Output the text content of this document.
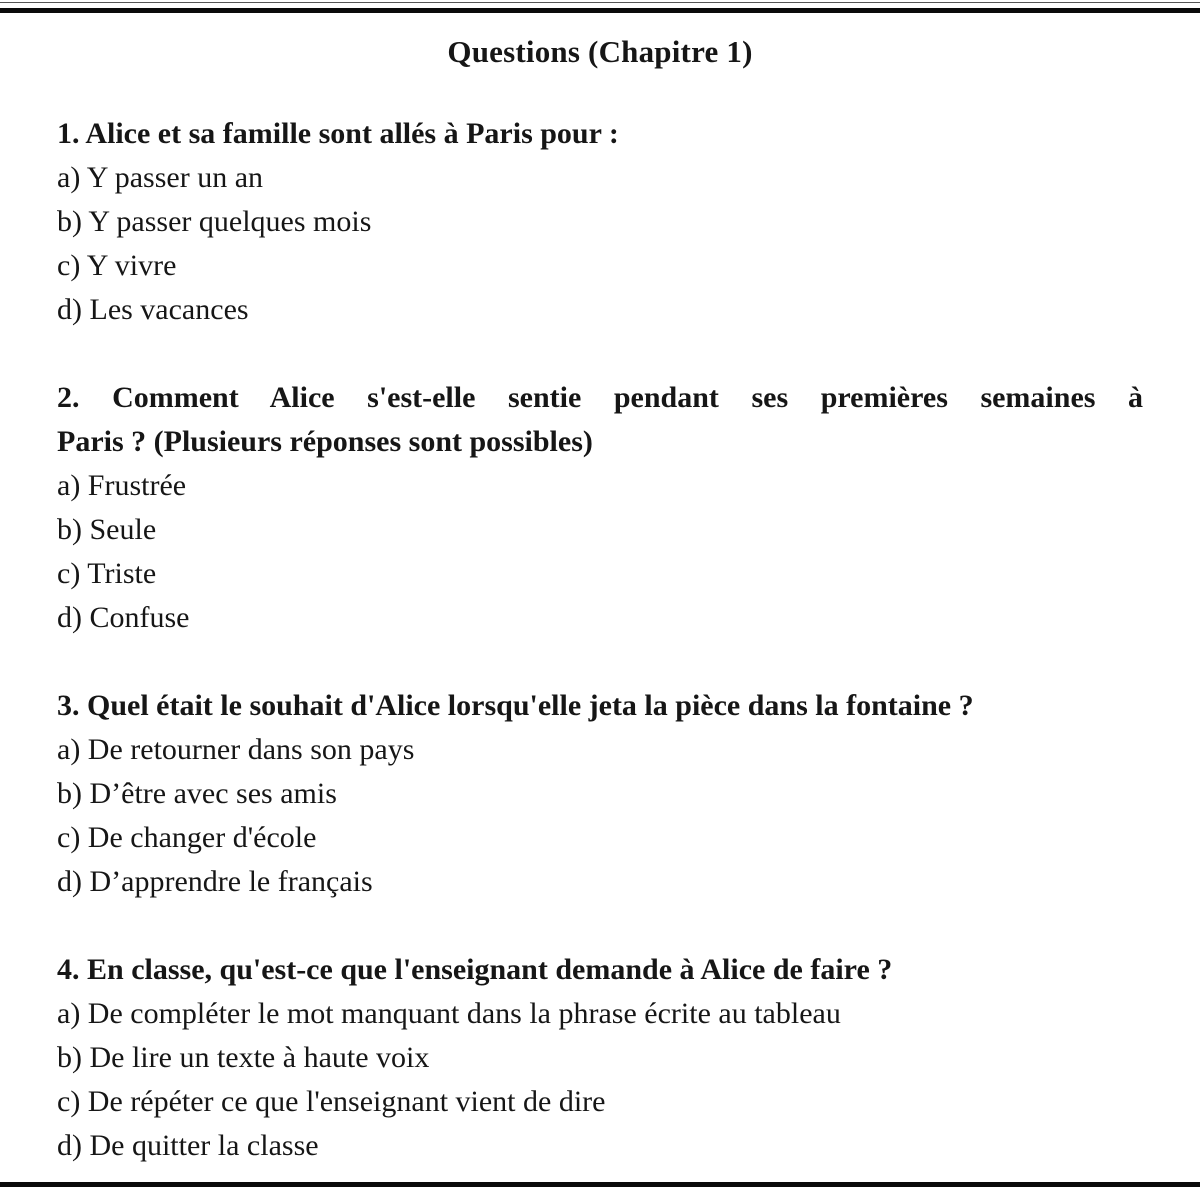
Questions (Chapitre 1)
1. Alice et sa famille sont allés à Paris pour :
a) Y passer un an
b) Y passer quelques mois
c) Y vivre
d) Les vacances
2. Comment Alice s'est-elle sentie pendant ses premières semaines à
Paris ? (Plusieurs réponses sont possibles)
a) Frustrée
b) Seule
c) Triste
d) Confuse
3. Quel était le souhait d'Alice lorsqu'elle jeta la pièce dans la fontaine ?
a) De retourner dans son pays
b) D’être avec ses amis
c) De changer d'école
d) D’apprendre le français
4. En classe, qu'est-ce que l'enseignant demande à Alice de faire ?
a) De compléter le mot manquant dans la phrase écrite au tableau
b) De lire un texte à haute voix
c) De répéter ce que l'enseignant vient de dire
d) De quitter la classe
